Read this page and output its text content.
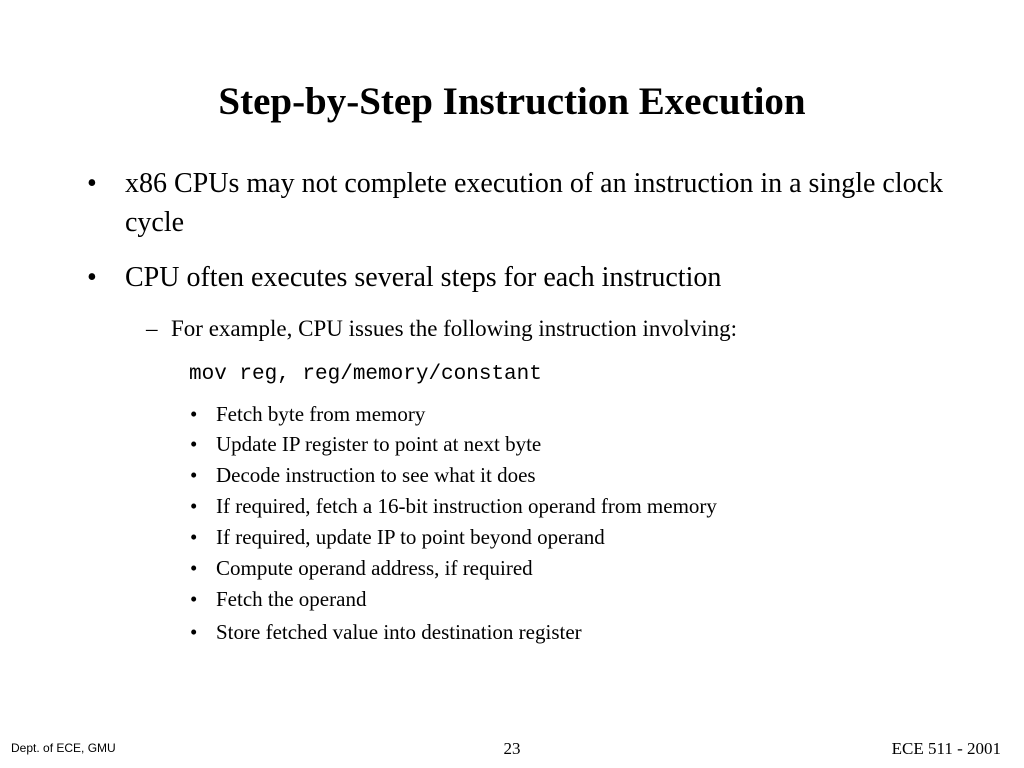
Step-by-Step Instruction Execution
• x86 CPUs may not complete execution of an instruction in a single clock cycle
• CPU often executes several steps for each instruction
– For example, CPU issues the following instruction involving:
mov reg, reg/memory/constant
• Fetch byte from memory
• Update IP register to point at next byte
• Decode instruction to see what it does
• If required, fetch a 16-bit instruction operand from memory
• If required, update IP to point beyond operand
• Compute operand address, if required
• Fetch the operand
• Store fetched value into destination register
Dept. of ECE, GMU	23	ECE 511 - 2001
